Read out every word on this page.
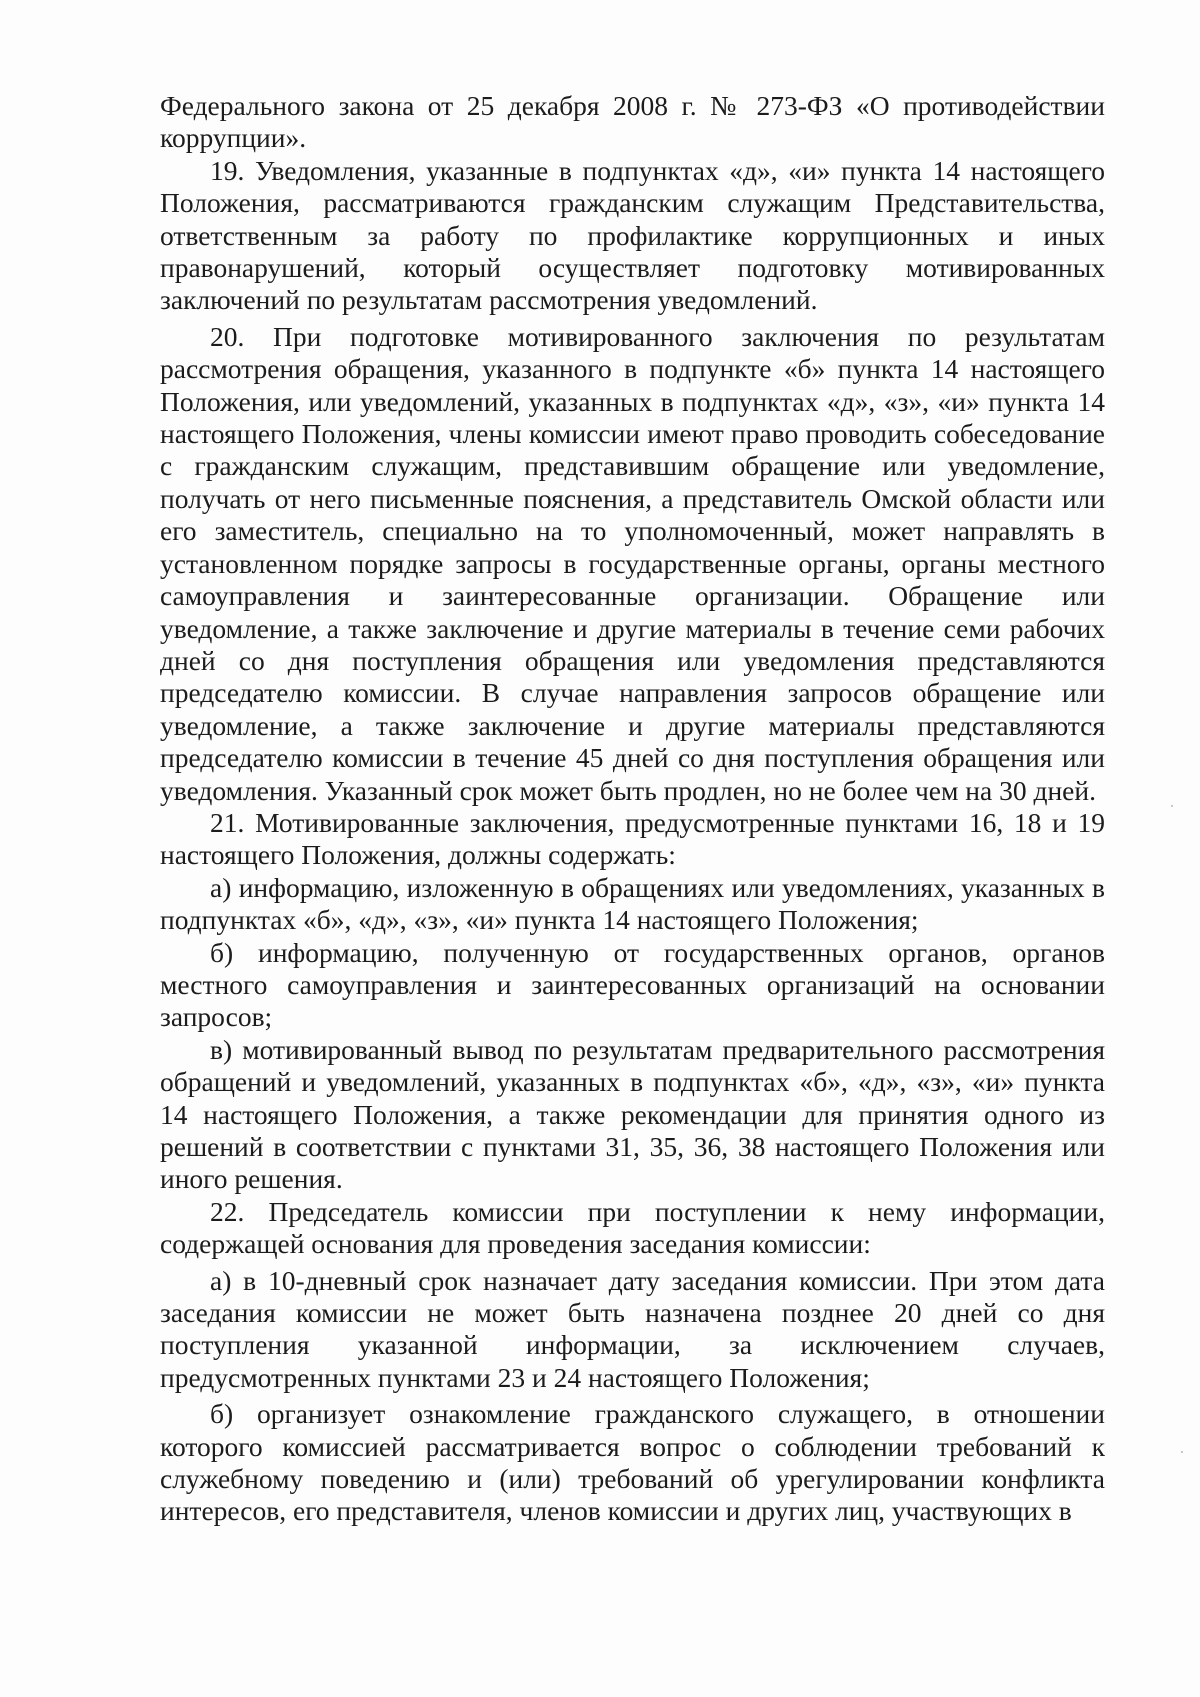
Федерального закона от 25 декабря 2008 г. № 273-ФЗ «О противодействии коррупции».

19. Уведомления, указанные в подпунктах «д», «и» пункта 14 настоящего Положения, рассматриваются гражданским служащим Представительства, ответственным за работу по профилактике коррупционных и иных правонарушений, который осуществляет подготовку мотивированных заключений по результатам рассмотрения уведомлений.

20. При подготовке мотивированного заключения по результатам рассмотрения обращения, указанного в подпункте «б» пункта 14 настоящего Положения, или уведомлений, указанных в подпунктах «д», «з», «и» пункта 14 настоящего Положения, члены комиссии имеют право проводить собеседование с гражданским служащим, представившим обращение или уведомление, получать от него письменные пояснения, а представитель Омской области или его заместитель, специально на то уполномоченный, может направлять в установленном порядке запросы в государственные органы, органы местного самоуправления и заинтересованные организации. Обращение или уведомление, а также заключение и другие материалы в течение семи рабочих дней со дня поступления обращения или уведомления представляются председателю комиссии. В случае направления запросов обращение или уведомление, а также заключение и другие материалы представляются председателю комиссии в течение 45 дней со дня поступления обращения или уведомления. Указанный срок может быть продлен, но не более чем на 30 дней.

21. Мотивированные заключения, предусмотренные пунктами 16, 18 и 19 настоящего Положения, должны содержать:

а) информацию, изложенную в обращениях или уведомлениях, указанных в подпунктах «б», «д», «з», «и» пункта 14 настоящего Положения;

б) информацию, полученную от государственных органов, органов местного самоуправления и заинтересованных организаций на основании запросов;

в) мотивированный вывод по результатам предварительного рассмотрения обращений и уведомлений, указанных в подпунктах «б», «д», «з», «и» пункта 14 настоящего Положения, а также рекомендации для принятия одного из решений в соответствии с пунктами 31, 35, 36, 38 настоящего Положения или иного решения.

22. Председатель комиссии при поступлении к нему информации, содержащей основания для проведения заседания комиссии:

а) в 10-дневный срок назначает дату заседания комиссии. При этом дата заседания комиссии не может быть назначена позднее 20 дней со дня поступления указанной информации, за исключением случаев, предусмотренных пунктами 23 и 24 настоящего Положения;

б) организует ознакомление гражданского служащего, в отношении которого комиссией рассматривается вопрос о соблюдении требований к служебному поведению и (или) требований об урегулировании конфликта интересов, его представителя, членов комиссии и других лиц, участвующих в
